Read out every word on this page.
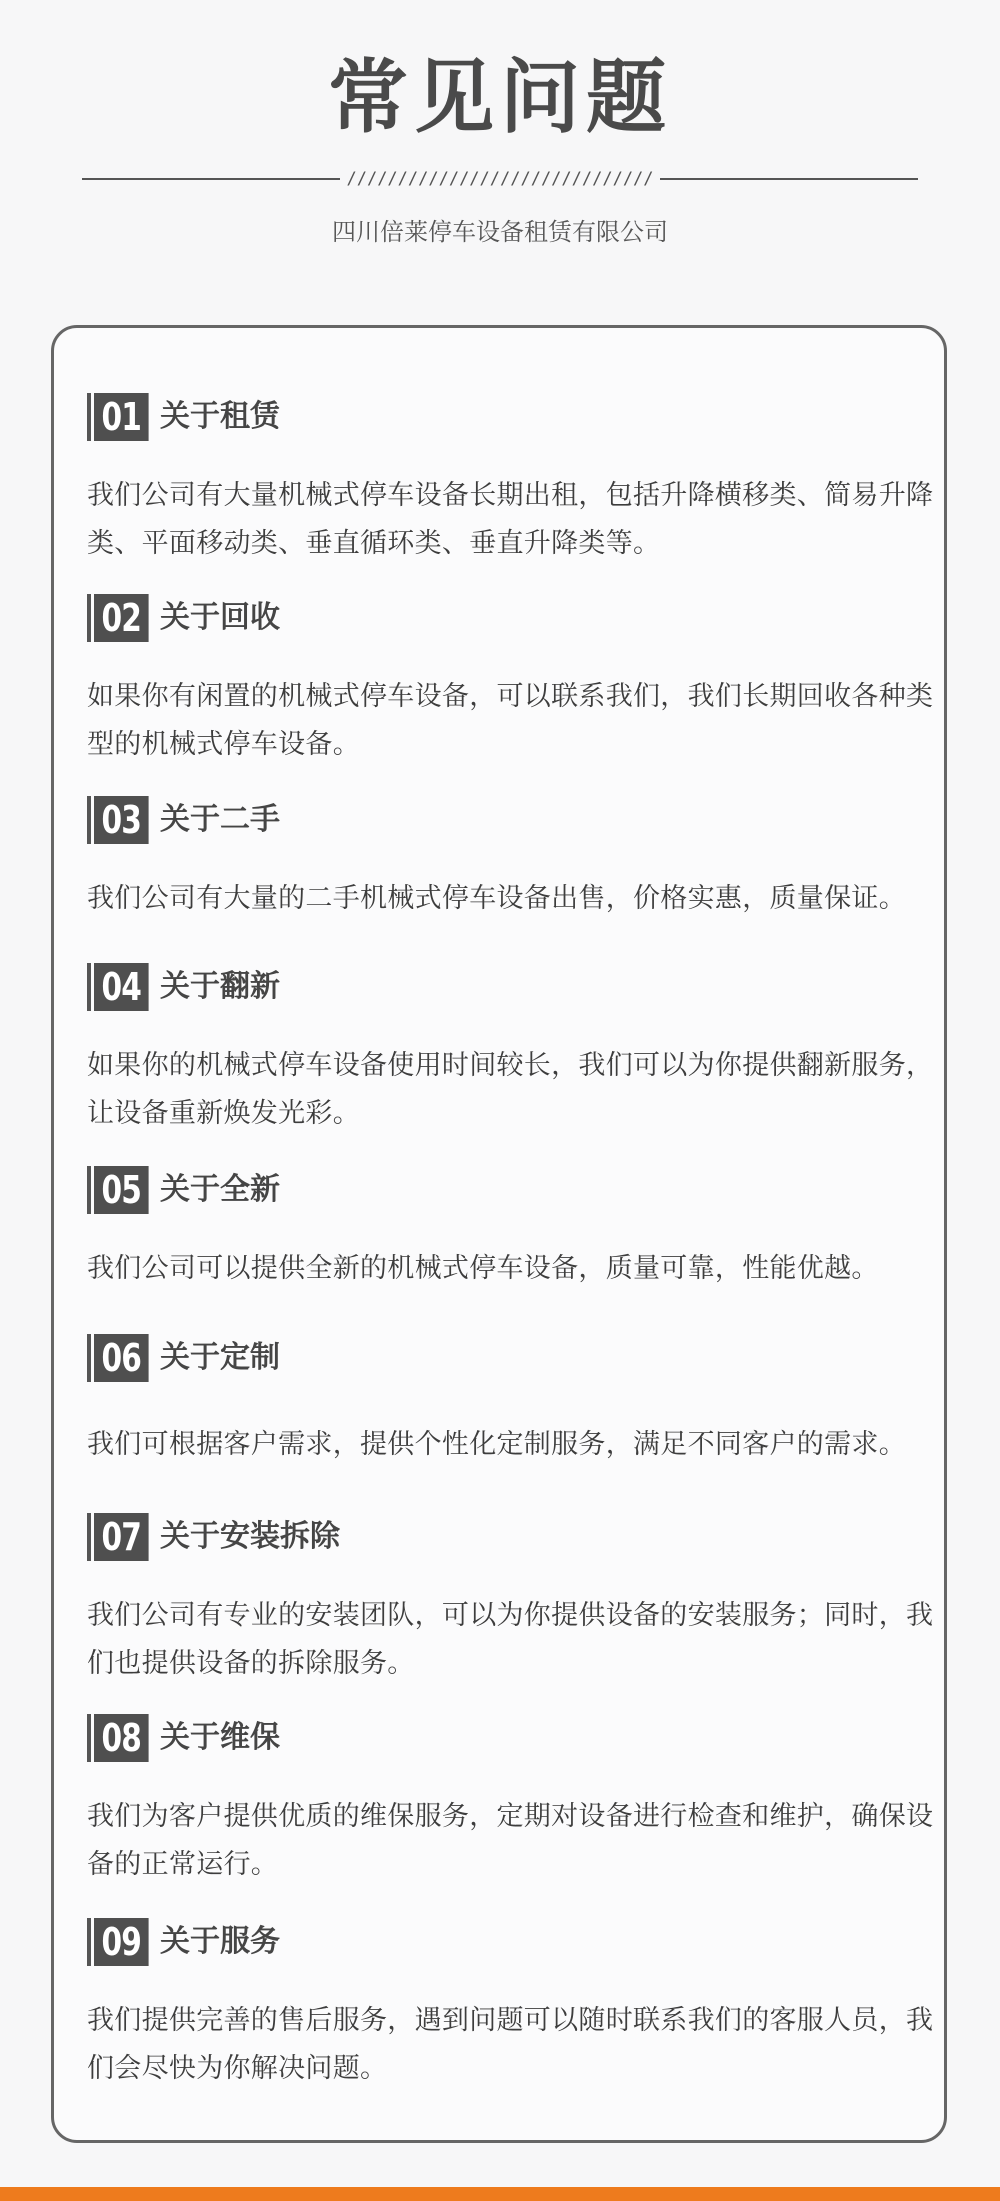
常见问题
//////////////////////////////
四川倍莱停车设备租赁有限公司
01 关于租赁
我们公司有大量机械式停车设备长期出租，包括升降横移类、简易升降类、平面移动类、垂直循环类、垂直升降类等。
02 关于回收
如果你有闲置的机械式停车设备，可以联系我们，我们长期回收各种类型的机械式停车设备。
03 关于二手
我们公司有大量的二手机械式停车设备出售，价格实惠，质量保证。
04 关于翻新
如果你的机械式停车设备使用时间较长，我们可以为你提供翻新服务，让设备重新焕发光彩。
05 关于全新
我们公司可以提供全新的机械式停车设备，质量可靠，性能优越。
06 关于定制
我们可根据客户需求，提供个性化定制服务，满足不同客户的需求。
07 关于安装拆除
我们公司有专业的安装团队，可以为你提供设备的安装服务；同时，我们也提供设备的拆除服务。
08 关于维保
我们为客户提供优质的维保服务，定期对设备进行检查和维护，确保设备的正常运行。
09 关于服务
我们提供完善的售后服务，遇到问题可以随时联系我们的客服人员，我们会尽快为你解决问题。
